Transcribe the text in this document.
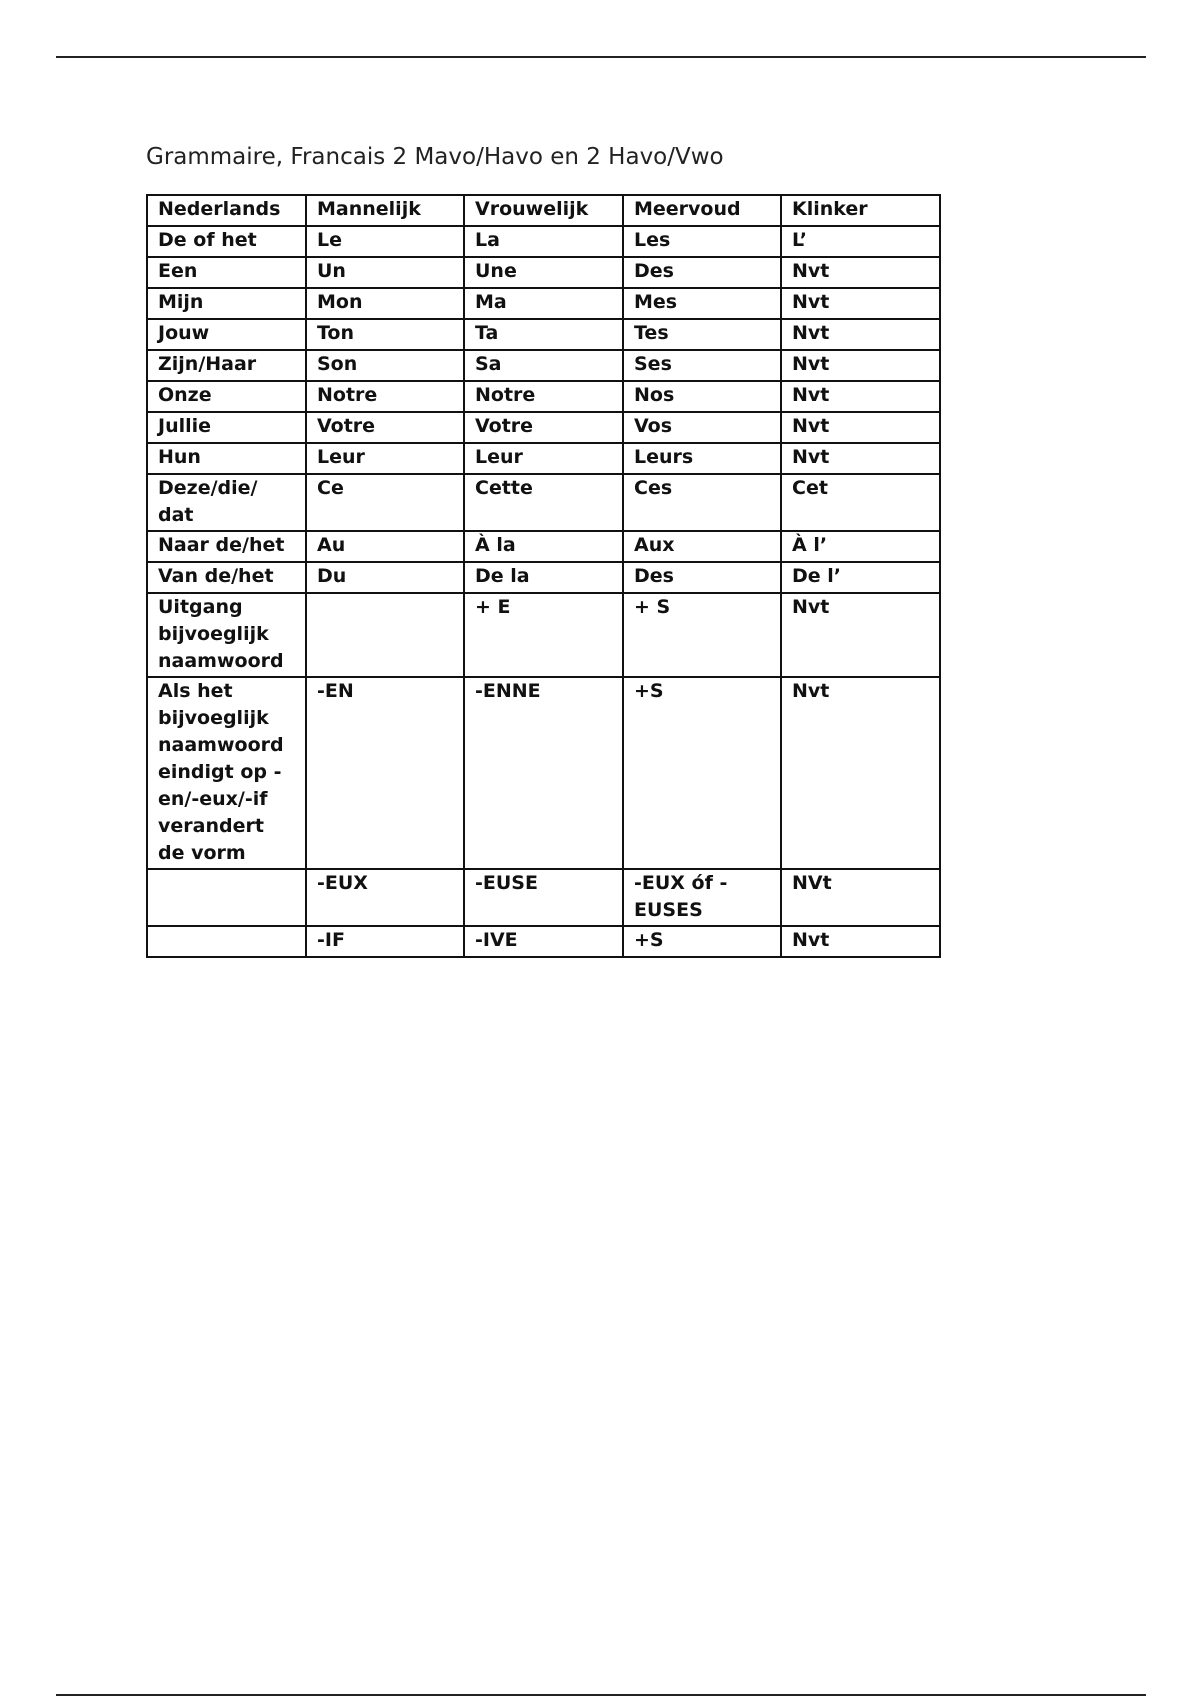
Grammaire, Francais 2 Mavo/Havo en 2 Havo/Vwo
Nederlands	Mannelijk	Vrouwelijk	Meervoud	Klinker
De of het	Le	La	Les	L’
Een	Un	Une	Des	Nvt
Mijn	Mon	Ma	Mes	Nvt
Jouw	Ton	Ta	Tes	Nvt
Zijn/Haar	Son	Sa	Ses	Nvt
Onze	Notre	Notre	Nos	Nvt
Jullie	Votre	Votre	Vos	Nvt
Hun	Leur	Leur	Leurs	Nvt
Deze/die/ dat	Ce	Cette	Ces	Cet
Naar de/het	Au	À la	Aux	À l’
Van de/het	Du	De la	Des	De l’
Uitgang bijvoeglijk naamwoord		+ E	+ S	Nvt
Als het bijvoeglijk naamwoord eindigt op - en/-eux/-if verandert de vorm	-EN	-ENNE	+S	Nvt
	-EUX	-EUSE	-EUX óf - EUSES	NVt
	-IF	-IVE	+S	Nvt
